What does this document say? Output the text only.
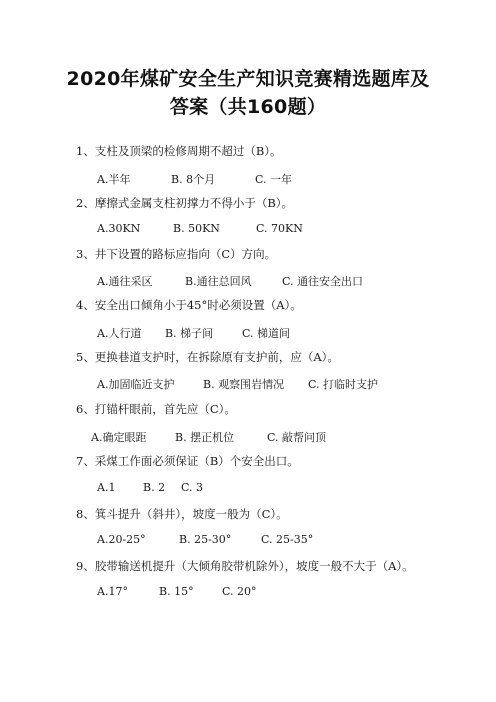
2020年煤矿安全生产知识竞赛精选题库及
答案（共160题）
1、支柱及顶梁的检修周期不超过（B）。
A.半年	B. 8个月	C. 一年
2、摩擦式金属支柱初撑力不得小于（B）。
A.30KN	B. 50KN	C. 70KN
3、井下设置的路标应指向（C）方向。
A.通往采区	B.通往总回风	C. 通往安全出口
4、安全出口倾角小于45°时必须设置（A）。
A.人行道 B. 梯子间	C. 梯道间
5、更换巷道支护时，在拆除原有支护前，应（A）。
A.加固临近支护	B. 观察围岩情况 C. 打临时支护
6、打锚杆眼前，首先应（C）。
A.确定眼距	B. 摆正机位	C. 敲帮问顶
7、采煤工作面必须保证（B）个安全出口。
A.1	B. 2 C. 3
8、箕斗提升（斜井），坡度一般为（C）。
A.20-25°	B. 25-30°	C. 25-35°
9、胶带输送机提升（大倾角胶带机除外），坡度一般不大于（A）。
A.17°	B. 15°	C. 20°
